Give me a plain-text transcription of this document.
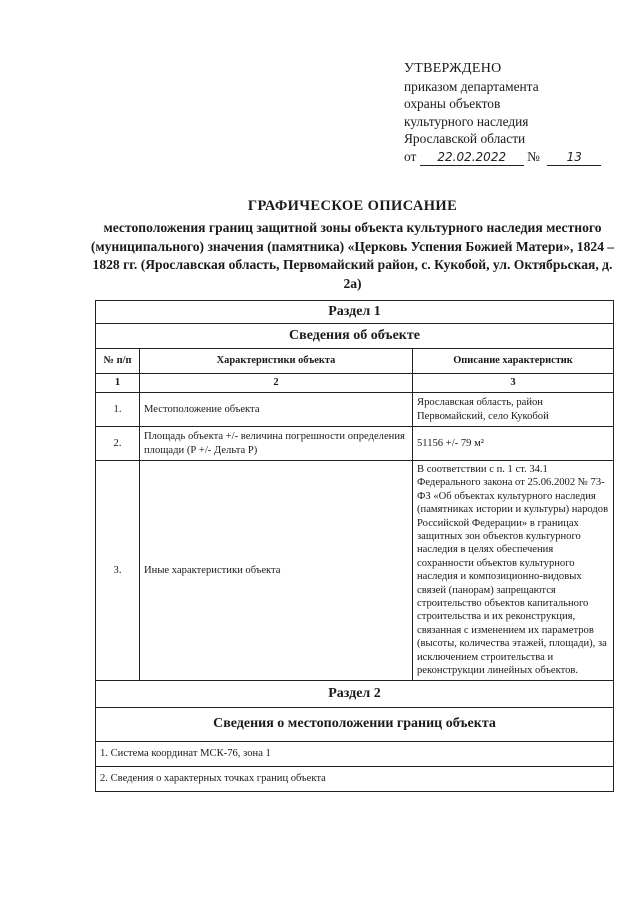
УТВЕРЖДЕНО
приказом департамента
охраны объектов
культурного наследия
Ярославской области
от 22.02.2022 № 13
ГРАФИЧЕСКОЕ ОПИСАНИЕ
местоположения границ защитной зоны объекта культурного наследия местного (муниципального) значения (памятника) «Церковь Успения Божией Матери», 1824 – 1828 гг. (Ярославская область, Первомайский район, с. Кукобой, ул. Октябрьская, д. 2а)
Раздел 1		
Сведения об объекте		
№ п/п	Характеристики объекта	Описание характеристик
1	2	3
1.	Местоположение объекта	Ярославская область, район Первомайский, село Кукобой
2.	Площадь объекта +/- величина погрешности определения площади (Р +/- Дельта Р)	51156 +/- 79 м²
3.	Иные характеристики объекта	В соответствии с п. 1 ст. 34.1 Федерального закона от 25.06.2002 № 73-ФЗ «Об объектах культурного наследия (памятниках истории и культуры) народов Российской Федерации» в границах защитных зон объектов культурного наследия в целях обеспечения сохранности объектов культурного наследия и композиционно-видовых связей (панорам) запрещаются строительство объектов капитального строительства и их реконструкция, связанная с изменением их параметров (высоты, количества этажей, площади), за исключением строительства и реконструкции линейных объектов.
Раздел 2		
Сведения о местоположении границ объекта		
1. Система координат МСК-76, зона 1		
2. Сведения о характерных точках границ объекта		
